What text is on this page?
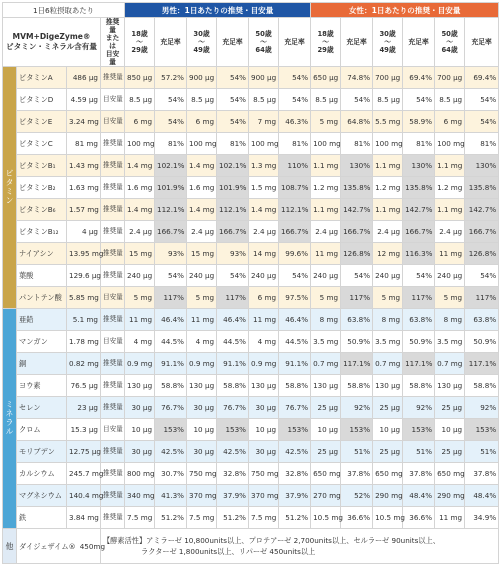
1日6粒摂取あたり				男性：1日あたりの推奨・目安量						女性：1日あたりの推奨・目安量					
MVM+DigeZyme®
ビタミン・ミネラル含有量			推奨量
または
目安量	18歳
～
29歳	充足率	30歳
～
49歳	充足率	50歳
～
64歳	充足率	18歳
～
29歳	充足率	30歳
～
49歳	充足率	50歳
～
64歳	充足率
ビタミン	ビタミンA	486 μg	推奨量	850 μg	57.2%	900 μg	54%	900 μg	54%	650 μg	74.8%	700 μg	69.4%	700 μg	69.4%
	ビタミンD	4.59 μg	目安量	8.5 μg	54%	8.5 μg	54%	8.5 μg	54%	8.5 μg	54%	8.5 μg	54%	8.5 μg	54%
	ビタミンE	3.24 mg	目安量	6 mg	54%	6 mg	54%	7 mg	46.3%	5 mg	64.8%	5.5 mg	58.9%	6 mg	54%
	ビタミンC	81 mg	推奨量	100 mg	81%	100 mg	81%	100 mg	81%	100 mg	81%	100 mg	81%	100 mg	81%
	ビタミンB₁	1.43 mg	推奨量	1.4 mg	102.1%	1.4 mg	102.1%	1.3 mg	110%	1.1 mg	130%	1.1 mg	130%	1.1 mg	130%
	ビタミンB₂	1.63 mg	推奨量	1.6 mg	101.9%	1.6 mg	101.9%	1.5 mg	108.7%	1.2 mg	135.8%	1.2 mg	135.8%	1.2 mg	135.8%
	ビタミンB₆	1.57 mg	推奨量	1.4 mg	112.1%	1.4 mg	112.1%	1.4 mg	112.1%	1.1 mg	142.7%	1.1 mg	142.7%	1.1 mg	142.7%
	ビタミンB₁₂	4 μg	推奨量	2.4 μg	166.7%	2.4 μg	166.7%	2.4 μg	166.7%	2.4 μg	166.7%	2.4 μg	166.7%	2.4 μg	166.7%
	ナイアシン	13.95 mg	推奨量	15 mg	93%	15 mg	93%	14 mg	99.6%	11 mg	126.8%	12 mg	116.3%	11 mg	126.8%
	葉酸	129.6 μg	推奨量	240 μg	54%	240 μg	54%	240 μg	54%	240 μg	54%	240 μg	54%	240 μg	54%
	パントテン酸	5.85 mg	目安量	5 mg	117%	5 mg	117%	6 mg	97.5%	5 mg	117%	5 mg	117%	5 mg	117%
ミネラル	亜鉛	5.1 mg	推奨量	11 mg	46.4%	11 mg	46.4%	11 mg	46.4%	8 mg	63.8%	8 mg	63.8%	8 mg	63.8%
	マンガン	1.78 mg	目安量	4 mg	44.5%	4 mg	44.5%	4 mg	44.5%	3.5 mg	50.9%	3.5 mg	50.9%	3.5 mg	50.9%
	銅	0.82 mg	推奨量	0.9 mg	91.1%	0.9 mg	91.1%	0.9 mg	91.1%	0.7 mg	117.1%	0.7 mg	117.1%	0.7 mg	117.1%
	ヨウ素	76.5 μg	推奨量	130 μg	58.8%	130 μg	58.8%	130 μg	58.8%	130 μg	58.8%	130 μg	58.8%	130 μg	58.8%
	セレン	23 μg	推奨量	30 μg	76.7%	30 μg	76.7%	30 μg	76.7%	25 μg	92%	25 μg	92%	25 μg	92%
	クロム	15.3 μg	目安量	10 μg	153%	10 μg	153%	10 μg	153%	10 μg	153%	10 μg	153%	10 μg	153%
	モリブデン	12.75 μg	推奨量	30 μg	42.5%	30 μg	42.5%	30 μg	42.5%	25 μg	51%	25 μg	51%	25 μg	51%
	カルシウム	245.7 mg	推奨量	800 mg	30.7%	750 mg	32.8%	750 mg	32.8%	650 mg	37.8%	650 mg	37.8%	650 mg	37.8%
	マグネシウム	140.4 mg	推奨量	340 mg	41.3%	370 mg	37.9%	370 mg	37.9%	270 mg	52%	290 mg	48.4%	290 mg	48.4%
	鉄	3.84 mg	推奨量	7.5 mg	51.2%	7.5 mg	51.2%	7.5 mg	51.2%	10.5 mg	36.6%	10.5 mg	36.6%	11 mg	34.9%
他	ダイジェザイム® 450mg		【酵素活性】アミラーゼ 10,800units以上、プロテアーゼ 2,700units以上、セルラーゼ 90units以上、
ラクターゼ 1,800units以上、リパーゼ 450units以上												
